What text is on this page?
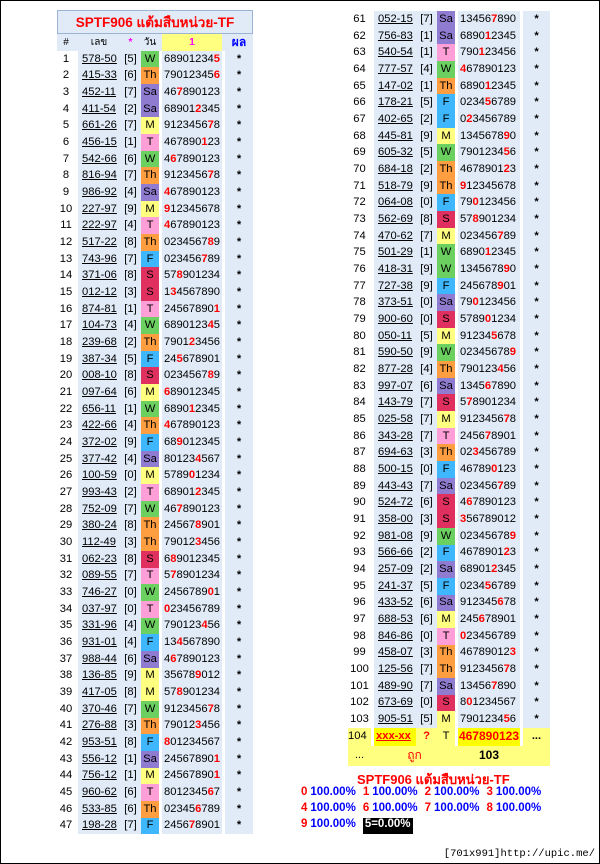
SPTF906 แต้มสืบหน่วย-TF
#		เลข	*	วัน		1		ผล
1		578-50	[5]	W		689012345		*
2		415-33	[6]	Th		790123456		*
3		452-11	[7]	Sa		467890123		*
4		411-54	[2]	Sa		689012345		*
5		661-26	[7]	M		912345678		*
6		456-15	[1]	T		467890123		*
7		542-66	[6]	W		467890123		*
8		816-94	[7]	Th		912345678		*
9		986-92	[4]	Sa		467890123		*
10		227-97	[9]	M		912345678		*
11		222-97	[4]	T		467890123		*
12		517-22	[8]	Th		023456789		*
13		743-96	[7]	F		023456789		*
14		371-06	[8]	S		578901234		*
15		012-12	[3]	S		134567890		*
16		874-81	[1]	T		245678901		*
17		104-73	[4]	W		689012345		*
18		239-68	[2]	Th		790123456		*
19		387-34	[5]	F		245678901		*
20		008-10	[8]	S		023456789		*
21		097-64	[6]	M		689012345		*
22		656-11	[1]	W		689012345		*
23		422-66	[4]	Th		467890123		*
24		372-02	[9]	F		689012345		*
25		377-42	[4]	Sa		801234567		*
26		100-59	[0]	M		578901234		*
27		993-43	[2]	T		689012345		*
28		752-09	[7]	W		467890123		*
29		380-24	[8]	Th		245678901		*
30		112-49	[3]	Th		790123456		*
31		062-23	[8]	S		689012345		*
32		089-55	[7]	T		578901234		*
33		746-27	[0]	W		245678901		*
34		037-97	[0]	T		023456789		*
35		331-96	[4]	W		790123456		*
36		931-01	[4]	F		134567890		*
37		988-44	[6]	Sa		467890123		*
38		136-85	[9]	M		356789012		*
39		417-05	[8]	M		578901234		*
40		370-46	[7]	W		912345678		*
41		276-88	[3]	Th		790123456		*
42		953-51	[8]	F		801234567		*
43		556-12	[1]	Sa		245678901		*
44		756-12	[1]	M		245678901		*
45		960-62	[6]	T		801234567		*
46		533-85	[6]	Th		023456789		*
47		198-28	[7]	F		245678901		*
61		052-15	[7]	Sa		134567890		*
62		756-83	[1]	Sa		689012345		*
63		540-54	[1]	T		790123456		*
64		777-57	[4]	W		467890123		*
65		147-02	[1]	Th		689012345		*
66		178-21	[5]	F		023456789		*
67		402-65	[2]	F		023456789		*
68		445-81	[9]	M		134567890		*
69		605-32	[5]	W		790123456		*
70		684-18	[2]	Th		467890123		*
71		518-79	[9]	Th		912345678		*
72		064-08	[0]	F		790123456		*
73		562-69	[8]	S		578901234		*
74		470-62	[7]	M		023456789		*
75		501-29	[1]	W		689012345		*
76		418-31	[9]	W		134567890		*
77		727-38	[9]	F		245678901		*
78		373-51	[0]	Sa		790123456		*
79		900-60	[0]	S		578901234		*
80		050-11	[5]	M		912345678		*
81		590-50	[9]	W		023456789		*
82		877-28	[4]	Th		790123456		*
83		997-07	[6]	Sa		134567890		*
84		143-79	[7]	S		578901234		*
85		025-58	[7]	M		912345678		*
86		343-28	[7]	T		245678901		*
87		694-63	[3]	Th		023456789		*
88		500-15	[0]	F		467890123		*
89		443-43	[7]	Sa		023456789		*
90		524-72	[6]	S		467890123		*
91		358-00	[3]	S		356789012		*
92		981-08	[9]	W		023456789		*
93		566-66	[2]	F		467890123		*
94		257-09	[2]	Sa		689012345		*
95		241-37	[5]	F		023456789		*
96		433-52	[6]	Sa		912345678		*
97		688-53	[6]	M		245678901		*
98		846-86	[0]	T		023456789		*
99		458-07	[3]	Th		467890123		*
100		125-56	[7]	Th		912345678		*
101		489-90	[7]	Sa		134567890		*
102		673-69	[0]	S		801234567		*
103		905-51	[5]	M		790123456		*
104		xxx-xx	?	T		467890123		...
...		ถูก				103		
SPTF906 แต้มสืบหน่วย-TF
0 100.00% 1 100.00% 2 100.00% 3 100.00%
4 100.00% 6 100.00% 7 100.00% 8 100.00%
9 100.00% 5=0.00%
[701x991]http://upic.me/
